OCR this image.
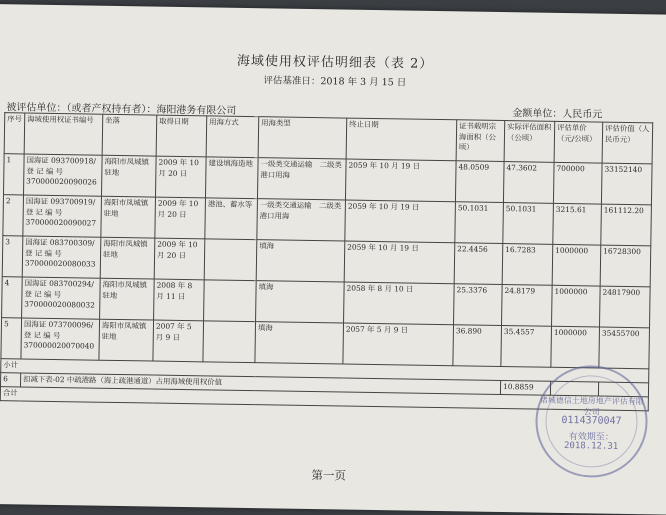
海域使用权评估明细表（表 2）
评估基准日：2018 年 3 月 15 日
被评估单位：（或者产权持有者）：海阳港务有限公司	金额单位：人民币元
序号	海域使用权证书编号	坐落	取得日期	用海方式	用海类型	终止日期	证书载明宗海面积（公顷）	实际评估面积（公顷）	评估单价（元/公顷）	评估价值（人民币元）
1	国海证 093700918/登 记 编 号 370000020090026	海阳市凤城镇驻地	2009 年 10 月 20 日	建设填海造地	一级类交通运输　二级类港口用海	2059 年 10 月 19 日	48.0509	47.3602	700000	33152140
2	国海证 093700919/登 记 编 号 370000020090027	海阳市凤城镇驻地	2009 年 10 月 20 日	港池、蓄水等	一级类交通运输　二级类港口用海	2059 年 10 月 19 日	50.1031	50.1031	3215.61	161112.20
3	国海证 083700309/登 记 编 号 370000020080033	海阳市凤城镇驻地	2009 年 10 月 20 日		填海	2059 年 10 月 19 日	22.4456	16.7283	1000000	16728300
4	国海证 083700294/登 记 编 号 370000020080032	海阳市凤城镇驻地	2008 年 8 月 11 日		填海	2058 年 8 月 10 日	25.3376	24.8179	1000000	24817900
5	国海证 073700096/登 记 编 号 370000020070040	海阳市凤城镇驻地	2007 年 5 月 9 日		填海	2057 年 5 月 9 日	36.890	35.4557	1000000	35455700
小计										
6	扣减下表-02 中疏港路（海上疏港通道）占用海域使用权价值							10.8859		
合计										
诸城德信土地房地产评估有限公司
0114370047
有效期至：
2018.12.31
第一页
